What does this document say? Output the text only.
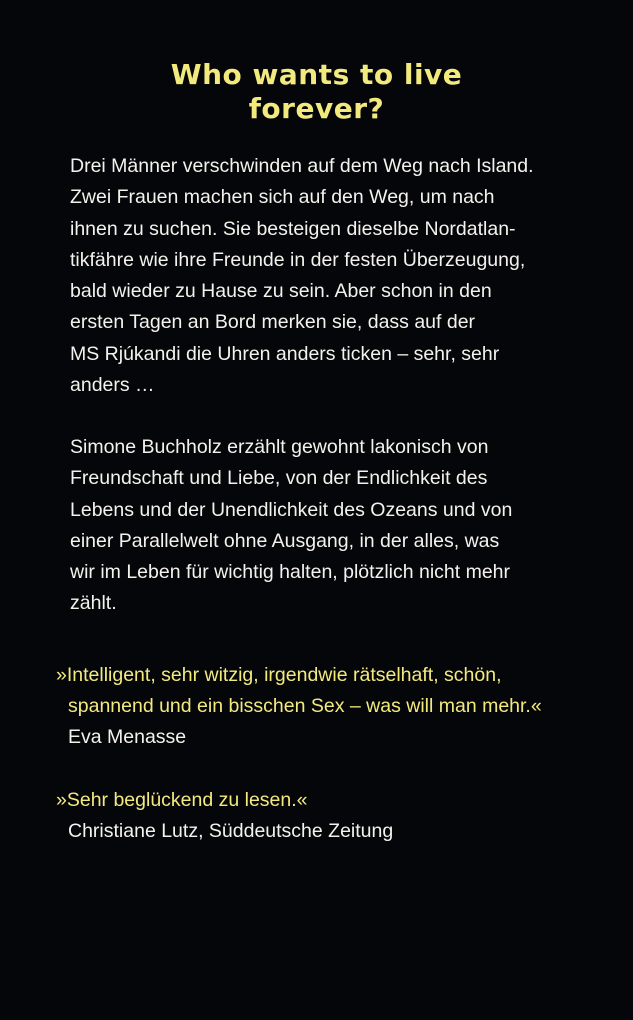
Who wants to live
forever?

Drei Männer verschwinden auf dem Weg nach Island.
Zwei Frauen machen sich auf den Weg, um nach
ihnen zu suchen. Sie besteigen dieselbe Nordatlan-
tikfähre wie ihre Freunde in der festen Überzeugung,
bald wieder zu Hause zu sein. Aber schon in den
ersten Tagen an Bord merken sie, dass auf der
MS Rjúkandi die Uhren anders ticken – sehr, sehr
anders …

Simone Buchholz erzählt gewohnt lakonisch von
Freundschaft und Liebe, von der Endlichkeit des
Lebens und der Unendlichkeit des Ozeans und von
einer Parallelwelt ohne Ausgang, in der alles, was
wir im Leben für wichtig halten, plötzlich nicht mehr
zählt.

»Intelligent, sehr witzig, irgendwie rätselhaft, schön,
spannend und ein bisschen Sex – was will man mehr.«
Eva Menasse
»Sehr beglückend zu lesen.«
Christiane Lutz, Süddeutsche Zeitung
